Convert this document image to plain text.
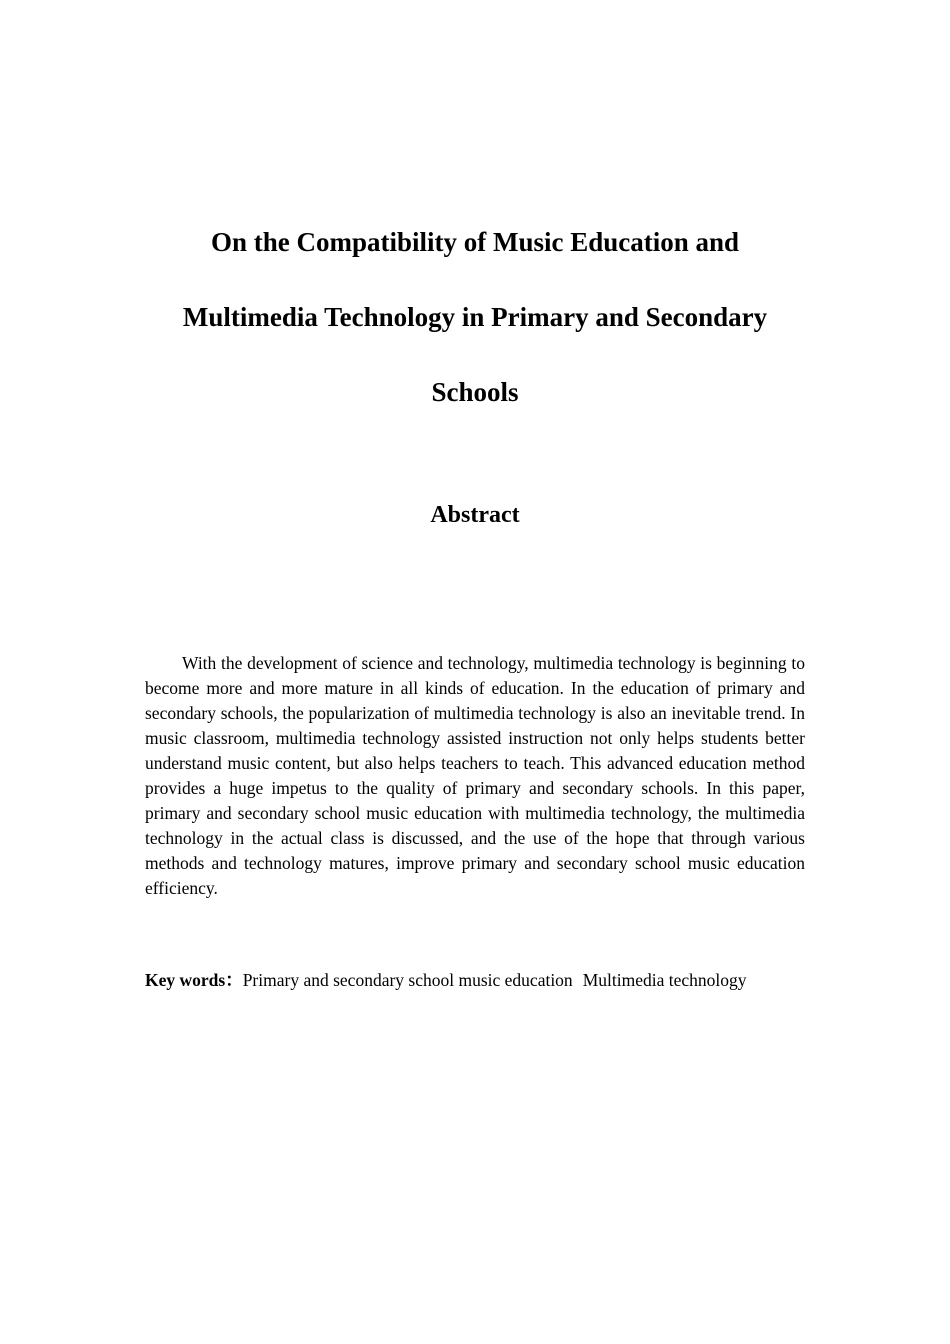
On the Compatibility of Music Education and
Multimedia Technology in Primary and Secondary
Schools
Abstract

With the development of science and technology, multimedia technology is beginning to become more and more mature in all kinds of education. In the education of primary and secondary schools, the popularization of multimedia technology is also an inevitable trend. In music classroom, multimedia technology assisted instruction not only helps students better understand music content, but also helps teachers to teach. This advanced education method provides a huge impetus to the quality of primary and secondary schools. In this paper, primary and secondary school music education with multimedia technology, the multimedia technology in the actual class is discussed, and the use of the hope that through various methods and technology matures, improve primary and secondary school music education efficiency.

Key words：Primary and secondary school music education Multimedia technology
